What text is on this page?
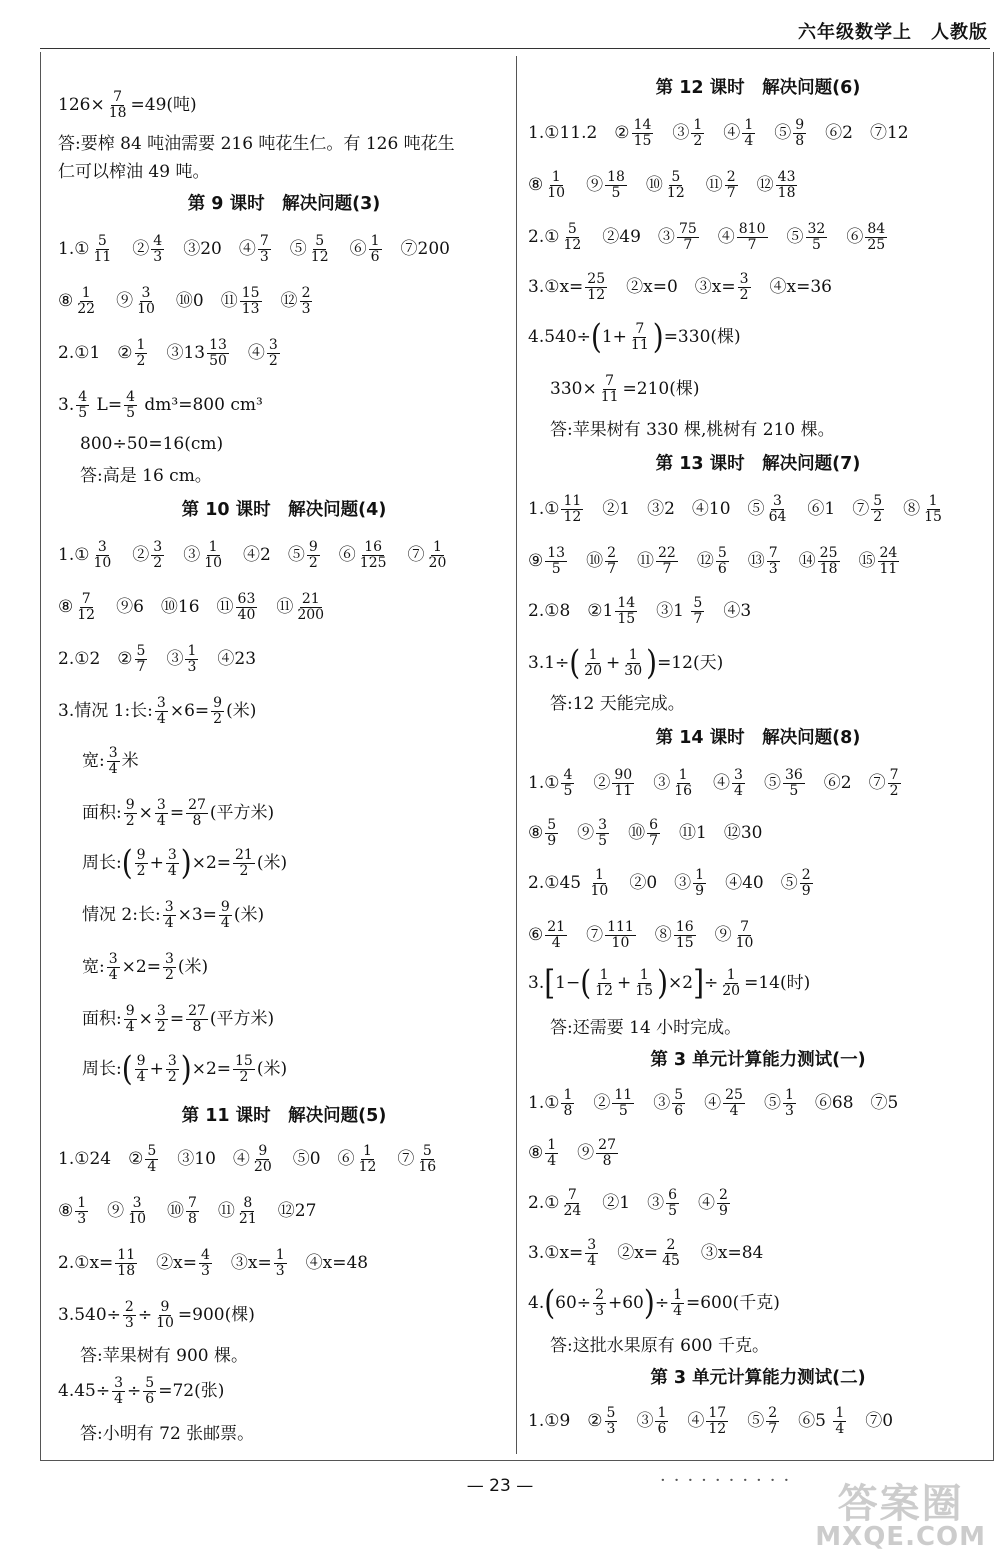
六年级数学上　人教版
$126\times \frac{7}{18} =49$(吨)
答:要榨 84 吨油需要 216 吨花生仁。有 126 吨花生
仁可以榨油 49 吨。
第 9 课时　解决问题(3)
1.① $\frac{5}{11}$ 　② $\frac{4}{3}$ 　③20　④ $\frac{7}{3}$ 　⑤ $\frac{5}{12}$ 　⑥ $\frac{1}{6}$ 　⑦200
⑧ $\frac{1}{22}$ 　⑨ $\frac{3}{10}$ 　⑩0　⑪ $\frac{15}{13}$ 　⑫ $\frac{2}{3}$
2.①1　② $\frac{1}{2}$ 　③13 $\frac{13}{50}$ 　④ $\frac{3}{2}$
3. $\frac{4}{5} L= \frac{4}{5} dm^3=800$ cm³
800÷50=16(cm)
答:高是 16 cm。
第 10 课时　解决问题(4)
1.① $\frac{3}{10}$ 　② $\frac{3}{2}$ 　③ $\frac{1}{10}$ 　④2　⑤ $\frac{9}{2}$ 　⑥ $\frac{16}{125}$ 　⑦ $\frac{1}{20}$
⑧ $\frac{7}{12}$ 　⑨6　⑩16　⑪ $\frac{63}{40}$ 　⑪ $\frac{21}{200}$
2.①2　② $\frac{5}{7}$ 　③ $\frac{1}{3}$ 　④23
3.情况 1:长: $\frac{3}{4} \times 6= \frac{9}{2}$ (米)
宽: $\frac{3}{4}$ 米
面积: $\frac{9}{2} \times \frac{3}{4} = \frac{27}{8}$ (平方米)
周长:( $\frac{9}{2} + \frac{3}{4} )\times 2= \frac{21}{2}$ (米)
情况 2:长: $\frac{3}{4} \times 3= \frac{9}{4}$ (米)
宽: $\frac{3}{4} \times 2= \frac{3}{2}$ (米)
面积: $\frac{9}{4} \times \frac{3}{2} = \frac{27}{8}$ (平方米)
周长:( $\frac{9}{4} + \frac{3}{2} )\times 2= \frac{15}{2}$ (米)
第 11 课时　解决问题(5)
1.①24　② $\frac{5}{4}$ 　③10　④ $\frac{9}{20}$ 　⑤0　⑥ $\frac{1}{12}$ 　⑦ $\frac{5}{16}$
⑧ $\frac{1}{3}$ 　⑨ $\frac{3}{10}$ 　⑩ $\frac{7}{8}$ 　⑪ $\frac{8}{21}$ 　⑫27
2.①x= $\frac{11}{18}$ 　②x= $\frac{4}{3}$ 　③x= $\frac{1}{3}$ 　④x=48
$3.540\div \frac{2}{3} \div \frac{9}{10} =900$(棵)
答:苹果树有 900 棵。
$4.45\div \frac{3}{4} \div \frac{5}{6} =72$(张)
答:小明有 72 张邮票。
第 12 课时　解决问题(6)
1.①11.2　② $\frac{14}{15}$ 　③ $\frac{1}{2}$ 　④ $\frac{1}{4}$ 　⑤ $\frac{9}{8}$ 　⑥2　⑦12
⑧ $\frac{1}{10}$ 　⑨ $\frac{18}{5}$ 　⑩ $\frac{5}{12}$ 　⑪ $\frac{2}{7}$ 　⑫ $\frac{43}{18}$
2.① $\frac{5}{12}$ 　②49　③ $\frac{75}{7}$ 　④ $\frac{810}{7}$ 　⑤ $\frac{32}{5}$ 　⑥ $\frac{84}{25}$
3.①x= $\frac{25}{12}$ 　②x=0　③x= $\frac{3}{2}$ 　④x=36
$4.540\div(1+ \frac{7}{11} )=330$(棵)
$330\times \frac{7}{11} =210$(棵)
答:苹果树有 330 棵,桃树有 210 棵。
第 13 课时　解决问题(7)
1.① $\frac{11}{12}$ 　②1　③2　④10　⑤ $\frac{3}{64}$ 　⑥1　⑦ $\frac{5}{2}$ 　⑧ $\frac{1}{15}$
⑨ $\frac{13}{5}$ 　⑩ $\frac{2}{7}$ 　⑪ $\frac{22}{7}$ 　⑫ $\frac{5}{6}$ 　⑬ $\frac{7}{3}$ 　⑭ $\frac{25}{18}$ 　⑮ $\frac{24}{11}$
2.①8　②1 $\frac{14}{15}$ 　③1 $\frac{5}{7}$ 　④3
$3.1\div( \frac{1}{20} + \frac{1}{30} )=12$(天)
答:12 天能完成。
第 14 课时　解决问题(8)
1.① $\frac{4}{5}$ 　② $\frac{90}{11}$ 　③ $\frac{1}{16}$ 　④ $\frac{3}{4}$ 　⑤ $\frac{36}{5}$ 　⑥2　⑦ $\frac{7}{2}$
⑧ $\frac{5}{9}$ 　⑨ $\frac{3}{5}$ 　⑩ $\frac{6}{7}$ 　⑪1　⑫30
2.①45 $\frac{1}{10}$ 　②0　③ $\frac{1}{9}$ 　④40　⑤ $\frac{2}{9}$
⑥ $\frac{21}{4}$ 　⑦ $\frac{111}{10}$ 　⑧ $\frac{16}{15}$ 　⑨ $\frac{7}{10}$
$3.[1-( \frac{1}{12} + \frac{1}{15} )\times 2]\div \frac{1}{20} =14$(时)
答:还需要 14 小时完成。
第 3 单元计算能力测试(一)
1.① $\frac{1}{8}$ 　② $\frac{11}{5}$ 　③ $\frac{5}{6}$ 　④ $\frac{25}{4}$ 　⑤ $\frac{1}{3}$ 　⑥68　⑦5
⑧ $\frac{1}{4}$ 　⑨ $\frac{27}{8}$
2.① $\frac{7}{24}$ 　②1　③ $\frac{6}{5}$ 　④ $\frac{2}{9}$
3.①x= $\frac{3}{4}$ 　②x= $\frac{2}{45}$ 　③x=84
$4.(60\div \frac{2}{3} +60)\div \frac{1}{4} =600$(千克)
答:这批水果原有 600 千克。
第 3 单元计算能力测试(二)
1.①9　② $\frac{5}{3}$ 　③ $\frac{1}{6}$ 　④ $\frac{17}{12}$ 　⑤ $\frac{2}{7}$ 　⑥5 $\frac{1}{4}$ 　⑦0
— 23 —	··········
答案圈
MXQE.COM
